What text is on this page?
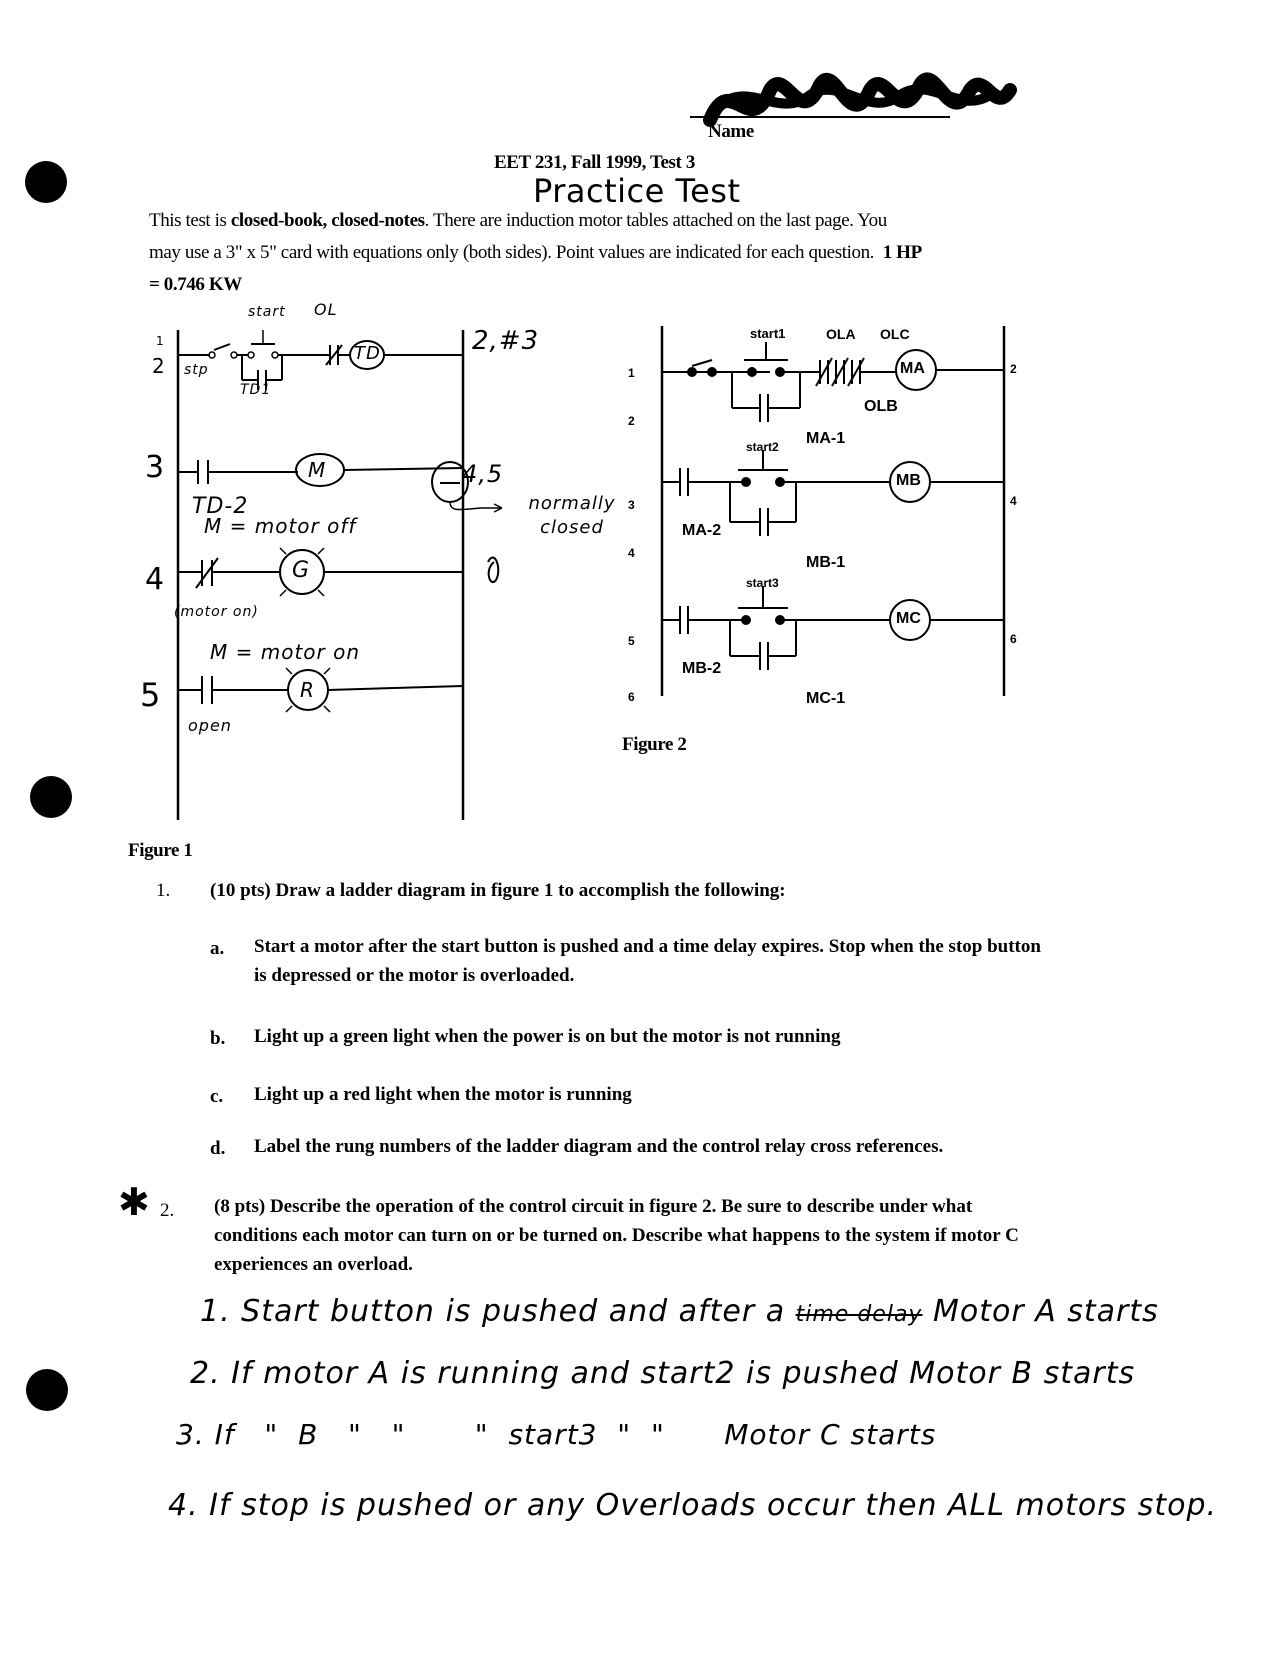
Name
EET 231, Fall 1999, Test 3
Practice Test
This test is closed-book, closed-notes. There are induction motor tables attached on the last page. You
may use a 3" x 5" card with equations only (both sides). Point values are indicated for each question. 1 HP
= 0.746 KW
1
2
3
4
5
start OL
TD
stp
TD1
2,#3
M
TD-2
M = motor off
G
(motor on)
M = motor on
R
open
4,5
normally closed
Figure 1
1
2
3
4
5
6
2
4
6
start1	OLA OLC
OLB
MA
MA-1
start2
MB
MA-2
MB-1
start3
MC
MB-2
MC-1
Figure 2
1. (10 pts) Draw a ladder diagram in figure 1 to accomplish the following:
a. Start a motor after the start button is pushed and a time delay expires. Stop when the stop button
is depressed or the motor is overloaded.
b. Light up a green light when the power is on but the motor is not running
c. Light up a red light when the motor is running
d. Label the rung numbers of the ladder diagram and the control relay cross references.
✱ 2. (8 pts) Describe the operation of the control circuit in figure 2. Be sure to describe under what
conditions each motor can turn on or be turned on. Describe what happens to the system if motor C
experiences an overload.
1. Start button is pushed and after a time delay Motor A starts
2. If motor A is running and start2 is pushed Motor B starts
3. If   "  B   "   "       "  start3  "  "      Motor C starts
4. If stop is pushed or any Overloads occur then ALL motors stop.
